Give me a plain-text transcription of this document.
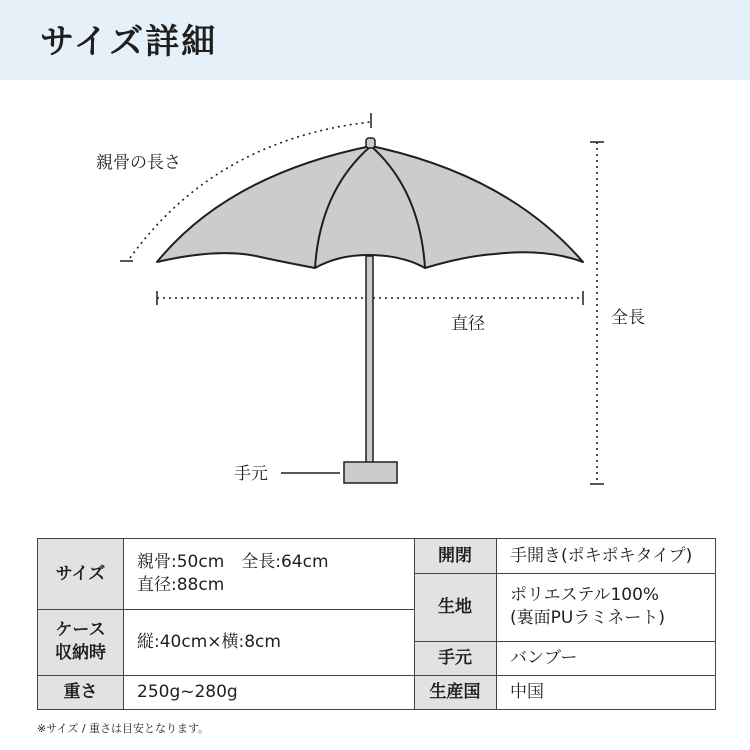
サイズ詳細
親骨の長さ
直径	全長
手元
サイズ
ケース
収納時
重さ
親骨:50cm　全長:64cm
直径:88cm
縦:40cm×横:8cm
250g~280g
開閉
生地
手元
生産国
手開き(ポキポキタイプ)
ポリエステル100%
(裏面PUラミネート)
バンブー
中国
※サイズ / 重さは目安となります。
